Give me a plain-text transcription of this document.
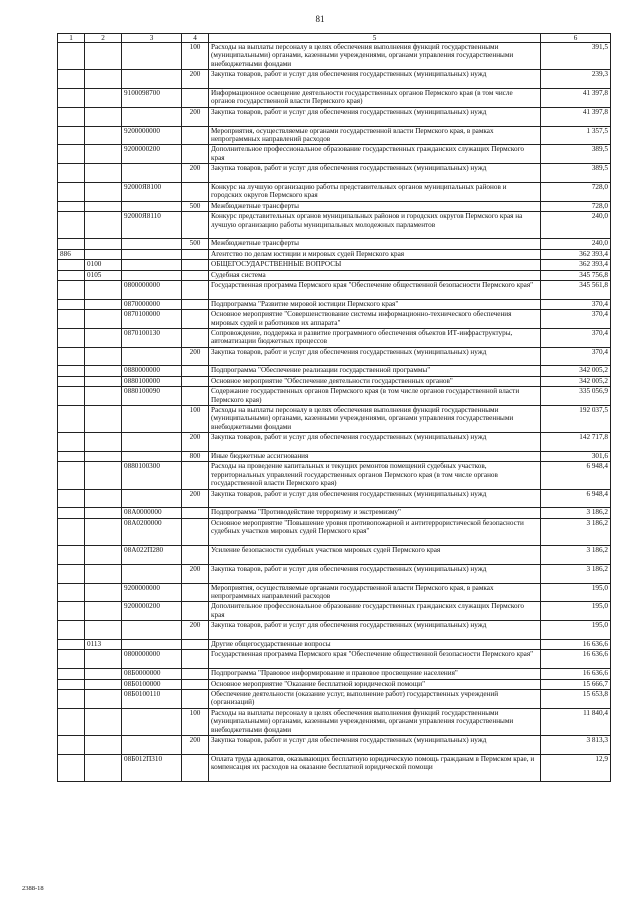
81
1	2	3	4	5	6
			100	Расходы на выплаты персоналу в целях обеспечения выполнения функций государственными (муниципальными) органами, казенными учреждениями, органами управления государственными внебюджетными фондами	391,5
			200	Закупка товаров, работ и услуг для обеспечения государственных (муниципальных) нужд	239,3
		9100098700		Информационное освещение деятельности государственных органов Пермского края (в том числе органов государственной власти Пермского края)	41 397,8
			200	Закупка товаров, работ и услуг для обеспечения государственных (муниципальных) нужд	41 397,8
		9200000000		Мероприятия, осуществляемые органами государственной власти Пермского края, в рамках непрограммных направлений расходов	1 357,5
		9200000200		Дополнительное профессиональное образование государственных гражданских служащих Пермского края	389,5
			200	Закупка товаров, работ и услуг для обеспечения государственных (муниципальных) нужд	389,5
		92000Я8100		Конкурс на лучшую организацию работы представительных органов муниципальных районов и городских округов Пермского края	728,0
			500	Межбюджетные трансферты	728,0
		92000Я8110		Конкурс представительных органов муниципальных районов и городских округов Пермского края на лучшую организацию работы муниципальных молодежных парламентов	240,0
			500	Межбюджетные трансферты	240,0
886				Агентство по делам юстиции и мировых судей Пермского края	362 393,4
	0100			ОБЩЕГОСУДАРСТВЕННЫЕ ВОПРОСЫ	362 393,4
	0105			Судебная система	345 756,8
		0800000000		Государственная программа Пермского края "Обеспечение общественной безопасности Пермского края"	345 561,8
		0870000000		Подпрограмма "Развитие мировой юстиции Пермского края"	370,4
		0870100000		Основное мероприятие "Совершенствование системы информационно-технического обеспечения мировых судей и работников их аппарата"	370,4
		0870100130		Сопровождение, поддержка и развитие программного обеспечения объектов ИТ-инфраструктуры, автоматизации бюджетных процессов	370,4
			200	Закупка товаров, работ и услуг для обеспечения государственных (муниципальных) нужд	370,4
		0880000000		Подпрограмма "Обеспечение реализации государственной программы"	342 005,2
		0880100000		Основное мероприятие "Обеспечение деятельности государственных органов"	342 005,2
		0880100090		Содержание государственных органов Пермского края (в том числе органов государственной власти Пермского края)	335 056,9
			100	Расходы на выплаты персоналу в целях обеспечения выполнения функций государственными (муниципальными) органами, казенными учреждениями, органами управления государственными внебюджетными фондами	192 037,5
			200	Закупка товаров, работ и услуг для обеспечения государственных (муниципальных) нужд	142 717,8
			800	Иные бюджетные ассигнования	301,6
		0880100300		Расходы на проведение капитальных и текущих ремонтов помещений судебных участков, территориальных управлений государственных органов Пермского края (в том числе органов государственной власти Пермского края)	6 948,4
			200	Закупка товаров, работ и услуг для обеспечения государственных (муниципальных) нужд	6 948,4
		08А0000000		Подпрограмма "Противодействие терроризму и экстремизму"	3 186,2
		08А0200000		Основное мероприятие "Повышение уровня противопожарной и антитеррористической безопасности судебных участков мировых судей Пермского края"	3 186,2
		08А022П280		Усиление безопасности судебных участков мировых судей Пермского края	3 186,2
			200	Закупка товаров, работ и услуг для обеспечения государственных (муниципальных) нужд	3 186,2
		9200000000		Мероприятия, осуществляемые органами государственной власти Пермского края, в рамках непрограммных направлений расходов	195,0
		9200000200		Дополнительное профессиональное образование государственных гражданских служащих Пермского края	195,0
			200	Закупка товаров, работ и услуг для обеспечения государственных (муниципальных) нужд	195,0
	0113			Другие общегосударственные вопросы	16 636,6
		0800000000		Государственная программа Пермского края "Обеспечение общественной безопасности Пермского края"	16 636,6
		08Б0000000		Подпрограмма "Правовое информирование и правовое просвещение населения"	16 636,6
		08Б0100000		Основное мероприятие "Оказание бесплатной юридической помощи"	15 666,7
		08Б0100110		Обеспечение деятельности (оказание услуг, выполнение работ) государственных учреждений (организаций)	15 653,8
			100	Расходы на выплаты персоналу в целях обеспечения выполнения функций государственными (муниципальными) органами, казенными учреждениями, органами управления государственными внебюджетными фондами	11 840,4
			200	Закупка товаров, работ и услуг для обеспечения государственных (муниципальных) нужд	3 813,3
		08Б012П310		Оплата труда адвокатов, оказывающих бесплатную юридическую помощь гражданам в Пермском крае, и компенсация их расходов на оказание бесплатной юридической помощи	12,9
2388-18
